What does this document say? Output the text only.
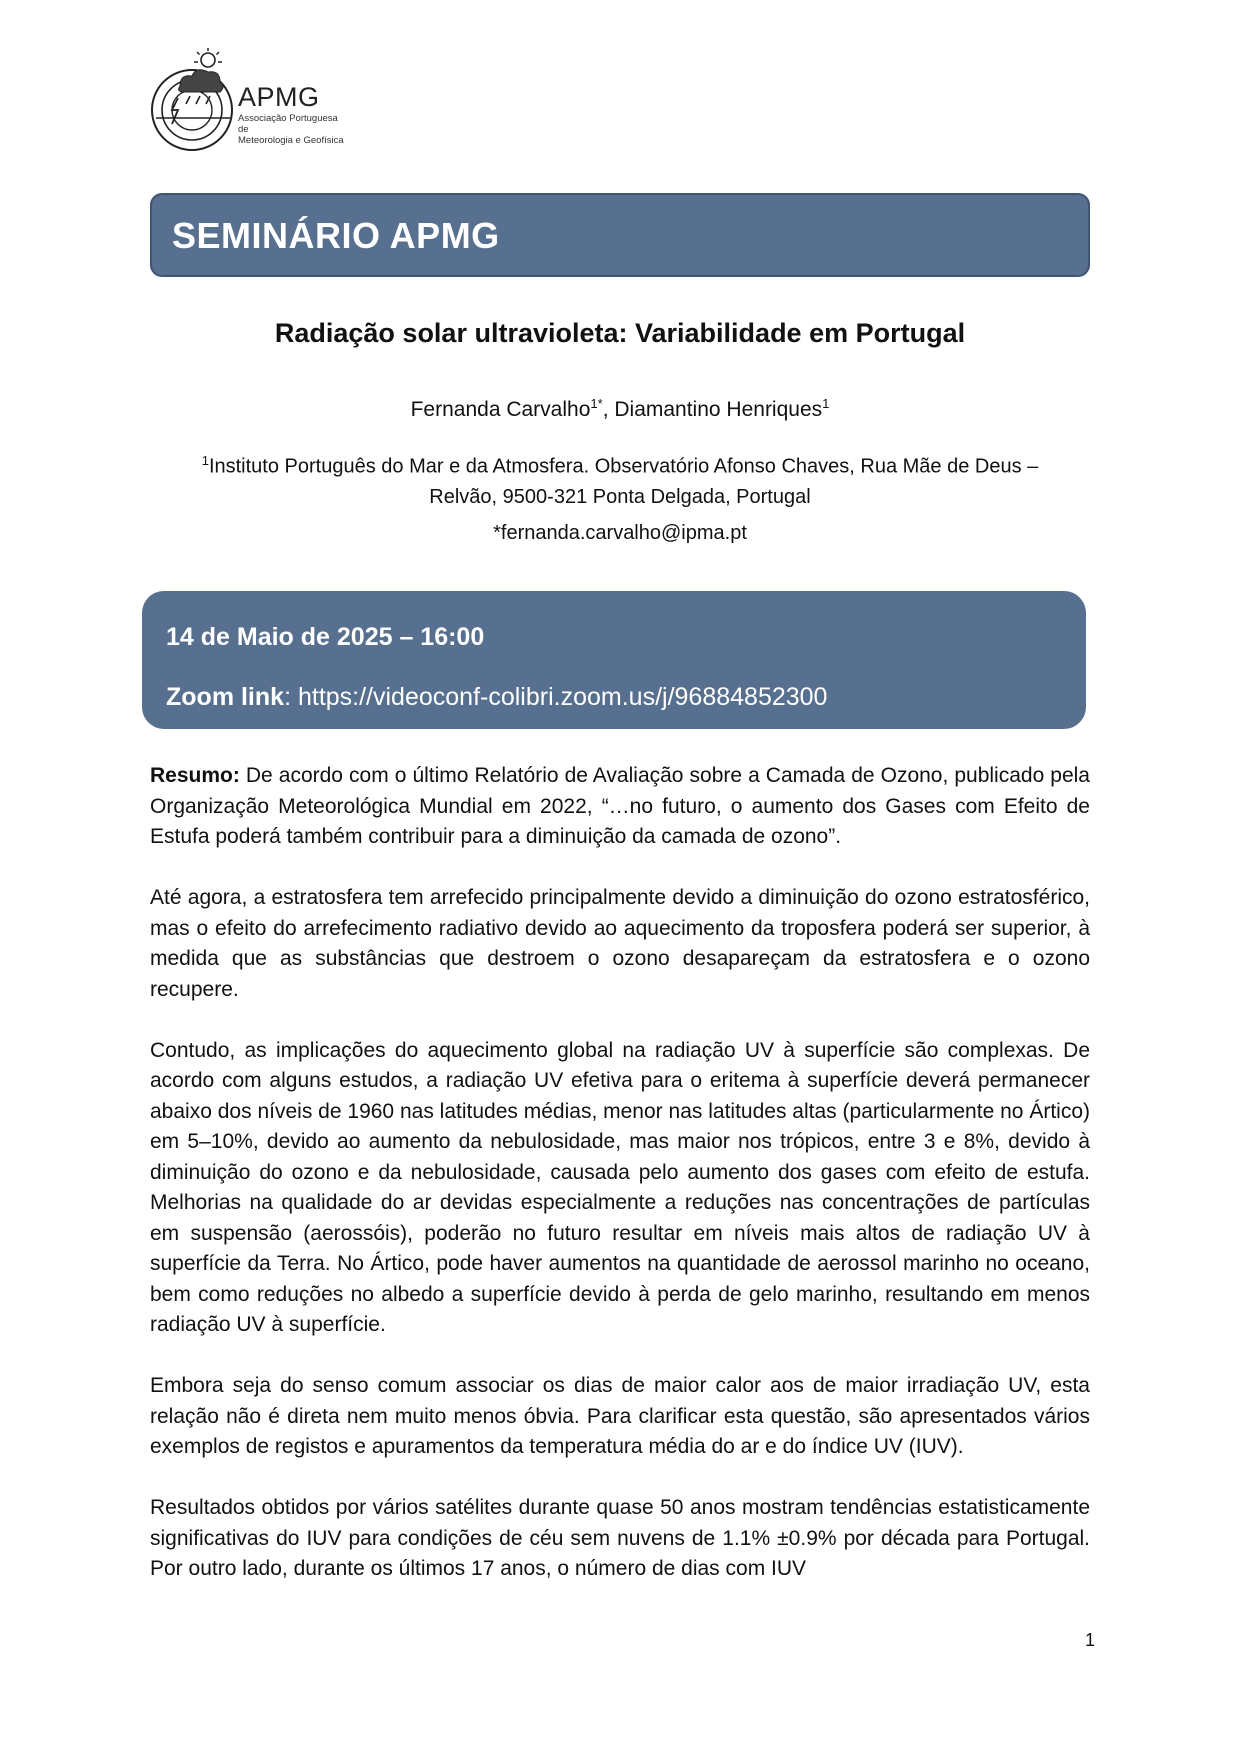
APMG
Associação Portuguesa de
Meteorologia e Geofísica
SEMINÁRIO APMG
Radiação solar ultravioleta: Variabilidade em Portugal
Fernanda Carvalho$^{1*}$, Diamantino Henriques$^1$
$^1$Instituto Português do Mar e da Atmosfera. Observatório Afonso Chaves, Rua Mãe de Deus –
Relvão, 9500-321 Ponta Delgada, Portugal
*fernanda.carvalho@ipma.pt
14 de Maio de 2025 – 16:00
Zoom link: https://videoconf-colibri.zoom.us/j/96884852300

Resumo: De acordo com o último Relatório de Avaliação sobre a Camada de Ozono, publicado pela Organização Meteorológica Mundial em 2022, “…no futuro, o aumento dos Gases com Efeito de Estufa poderá também contribuir para a diminuição da camada de ozono”.

Até agora, a estratosfera tem arrefecido principalmente devido a diminuição do ozono estratosférico, mas o efeito do arrefecimento radiativo devido ao aquecimento da troposfera poderá ser superior, à medida que as substâncias que destroem o ozono desapareçam da estratosfera e o ozono recupere.

Contudo, as implicações do aquecimento global na radiação UV à superfície são complexas. De acordo com alguns estudos, a radiação UV efetiva para o eritema à superfície deverá permanecer abaixo dos níveis de 1960 nas latitudes médias, menor nas latitudes altas (particularmente no Ártico) em 5–10%, devido ao aumento da nebulosidade, mas maior nos trópicos, entre 3 e 8%, devido à diminuição do ozono e da nebulosidade, causada pelo aumento dos gases com efeito de estufa. Melhorias na qualidade do ar devidas especialmente a reduções nas concentrações de partículas em suspensão (aerossóis), poderão no futuro resultar em níveis mais altos de radiação UV à superfície da Terra. No Ártico, pode haver aumentos na quantidade de aerossol marinho no oceano, bem como reduções no albedo a superfície devido à perda de gelo marinho, resultando em menos radiação UV à superfície.

Embora seja do senso comum associar os dias de maior calor aos de maior irradiação UV, esta relação não é direta nem muito menos óbvia. Para clarificar esta questão, são apresentados vários exemplos de registos e apuramentos da temperatura média do ar e do índice UV (IUV).

Resultados obtidos por vários satélites durante quase 50 anos mostram tendências estatisticamente significativas do IUV para condições de céu sem nuvens de 1.1% ±0.9% por década para Portugal. Por outro lado, durante os últimos 17 anos, o número de dias com IUV

1
